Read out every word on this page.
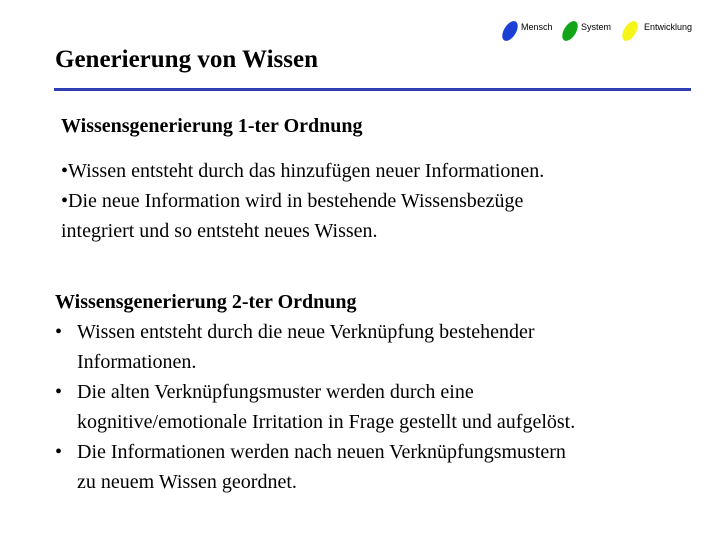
Mensch	System	Entwicklung
Generierung von Wissen
Wissensgenerierung 1-ter Ordnung
•Wissen entsteht durch das hinzufügen neuer Informationen.
•Die neue Information wird in bestehende Wissensbezüge
integriert und so entsteht neues Wissen.
Wissensgenerierung 2-ter Ordnung
• Wissen entsteht durch die neue Verknüpfung bestehender
Informationen.
• Die alten Verknüpfungsmuster werden durch eine
kognitive/emotionale Irritation in Frage gestellt und aufgelöst.
• Die Informationen werden nach neuen Verknüpfungsmustern
zu neuem Wissen geordnet.
